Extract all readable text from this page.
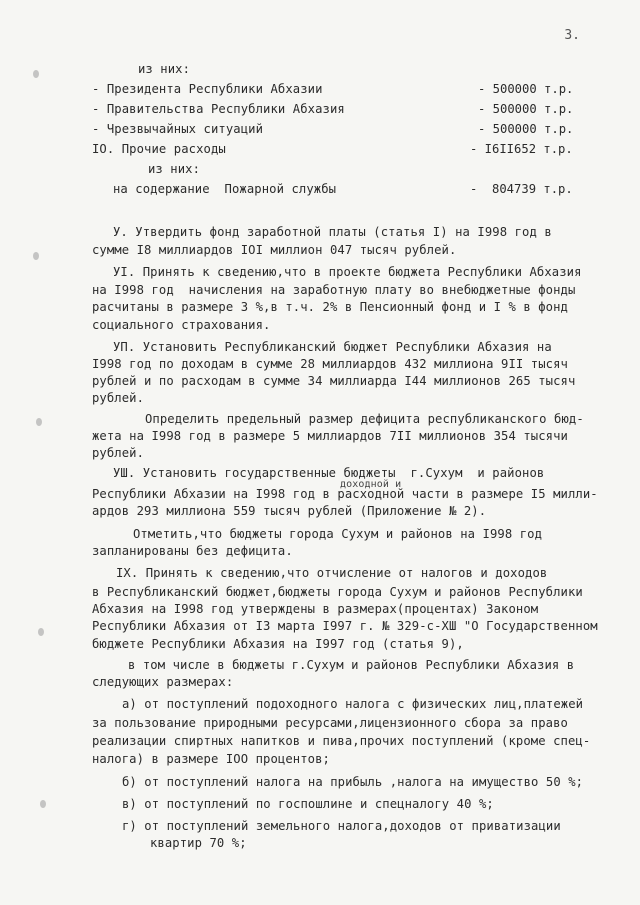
3.
из них:
- Президента Республики Абхазии
- Правительства Республики Абхазия
- Чрезвычайных ситуаций
IO. Прочие расходы
из них:
на содержание  Пожарной службы
- 500000 т.р.
- 500000 т.р.
- 500000 т.р.
- I6II652 т.р.
-  804739 т.р.
У. Утвердить фонд заработной платы (статья I) на I998 год в
сумме I8 миллиардов IOI миллион 047 тысяч рублей.
УI. Принять к сведению,что в проекте бюджета Республики Абхазия
на I998 год  начисления на заработную плату во внебюджетные фонды
расчитаны в размере 3 %,в т.ч. 2% в Пенсионный фонд и I % в фонд
социального страхования.
УП. Установить Республиканский бюджет Республики Абхазия на
I998 год по доходам в сумме 28 миллиардов 432 миллиона 9II тысяч
рублей и по расходам в сумме 34 миллиарда I44 миллионов 265 тысяч
рублей.
Определить предельный размер дефицита республиканского бюд-
жета на I998 год в размере 5 миллиардов 7II миллионов 354 тысячи
рублей.
УШ. Установить государственные бюджеты  г.Сухум  и районов
доходной и
Республики Абхазии на I998 год в расходной части в размере I5 милли-
ардов 293 миллиона 559 тысяч рублей (Приложение № 2).
Отметить,что бюджеты города Сухум и районов на I998 год
запланированы без дефицита.
IХ. Принять к сведению,что отчисление от налогов и доходов
в Республиканский бюджет,бюджеты города Сухум и районов Республики
Абхазия на I998 год утверждены в размерах(процентах) Законом
Республики Абхазия от I3 марта I997 г. № 329-с-ХШ "О Государственном
бюджете Республики Абхазия на I997 год (статья 9),
в том числе в бюджеты г.Сухум и районов Республики Абхазия в
следующих размерах:
а) от поступлений подоходного налога с физических лиц,платежей
за пользование природными ресурсами,лицензионного сбора за право
реализации спиртных напитков и пива,прочих поступлений (кроме спец-
налога) в размере IOO процентов;
б) от поступлений налога на прибыль ,налога на имущество 50 %;
в) от поступлений по госпошлине и спецналогу 40 %;
г) от поступлений земельного налога,доходов от приватизации
квартир 70 %;
